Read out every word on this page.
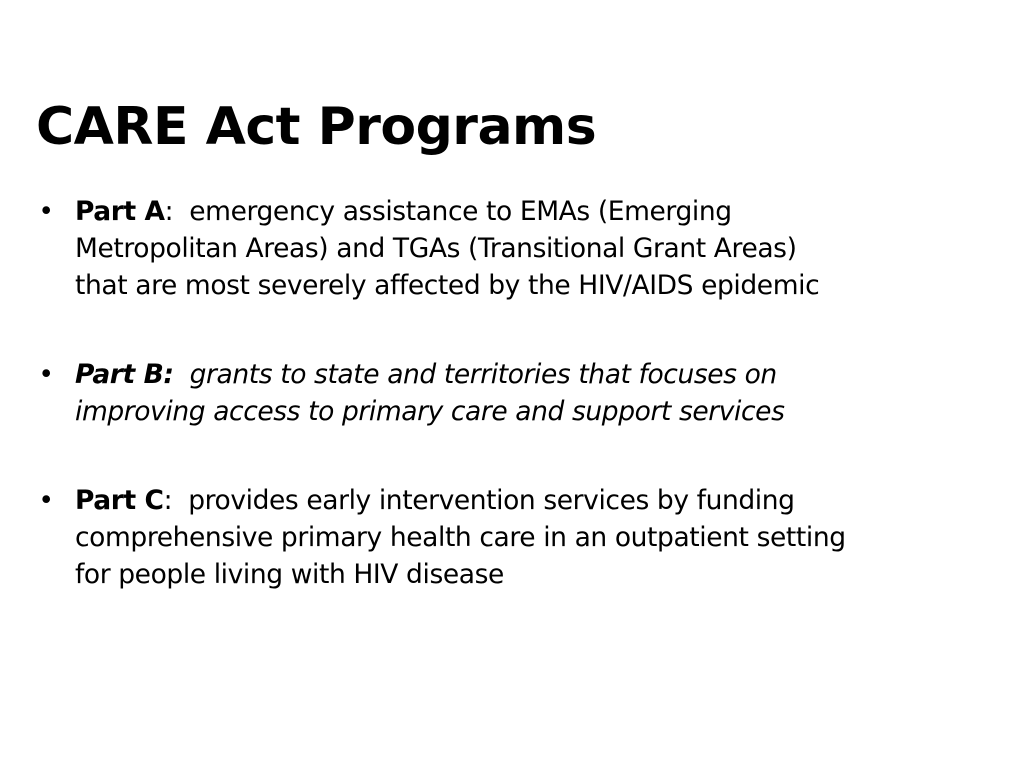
CARE Act Programs
• Part A:  emergency assistance to EMAs (Emerging
Metropolitan Areas) and TGAs (Transitional Grant Areas)
that are most severely affected by the HIV/AIDS epidemic
• Part B: grants to state and territories that focuses on
improving access to primary care and support services
• Part C:  provides early intervention services by funding
comprehensive primary health care in an outpatient setting
for people living with HIV disease
